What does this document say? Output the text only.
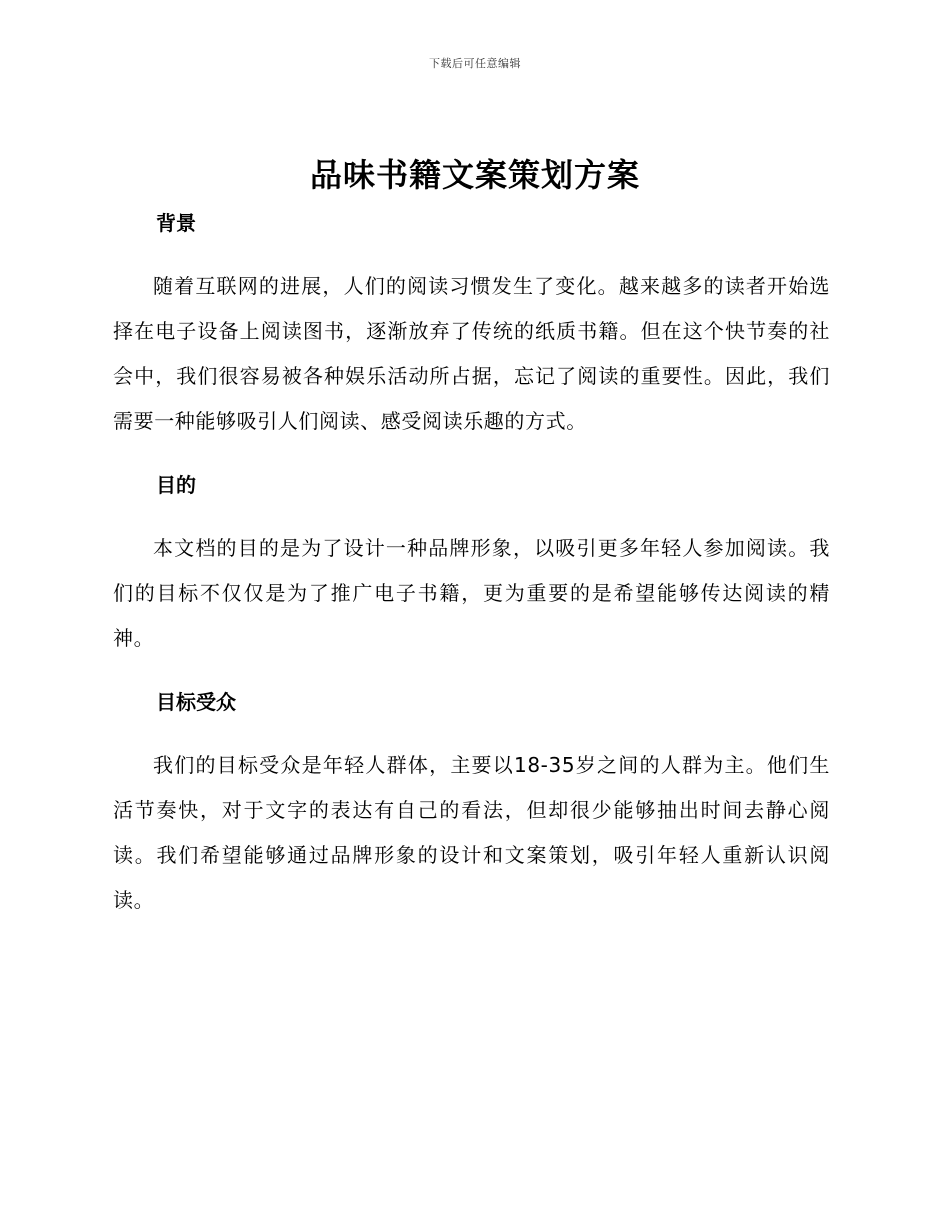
下载后可任意编辑
品味书籍文案策划方案
背景

随着互联网的进展，人们的阅读习惯发生了变化。越来越多的读者开始选择在电子设备上阅读图书，逐渐放弃了传统的纸质书籍。但在这个快节奏的社会中，我们很容易被各种娱乐活动所占据，忘记了阅读的重要性。因此，我们需要一种能够吸引人们阅读、感受阅读乐趣的方式。

目的

本文档的目的是为了设计一种品牌形象，以吸引更多年轻人参加阅读。我们的目标不仅仅是为了推广电子书籍，更为重要的是希望能够传达阅读的精神。

目标受众

我们的目标受众是年轻人群体，主要以18-35岁之间的人群为主。他们生活节奏快，对于文字的表达有自己的看法，但却很少能够抽出时间去静心阅读。我们希望能够通过品牌形象的设计和文案策划，吸引年轻人重新认识阅读。
